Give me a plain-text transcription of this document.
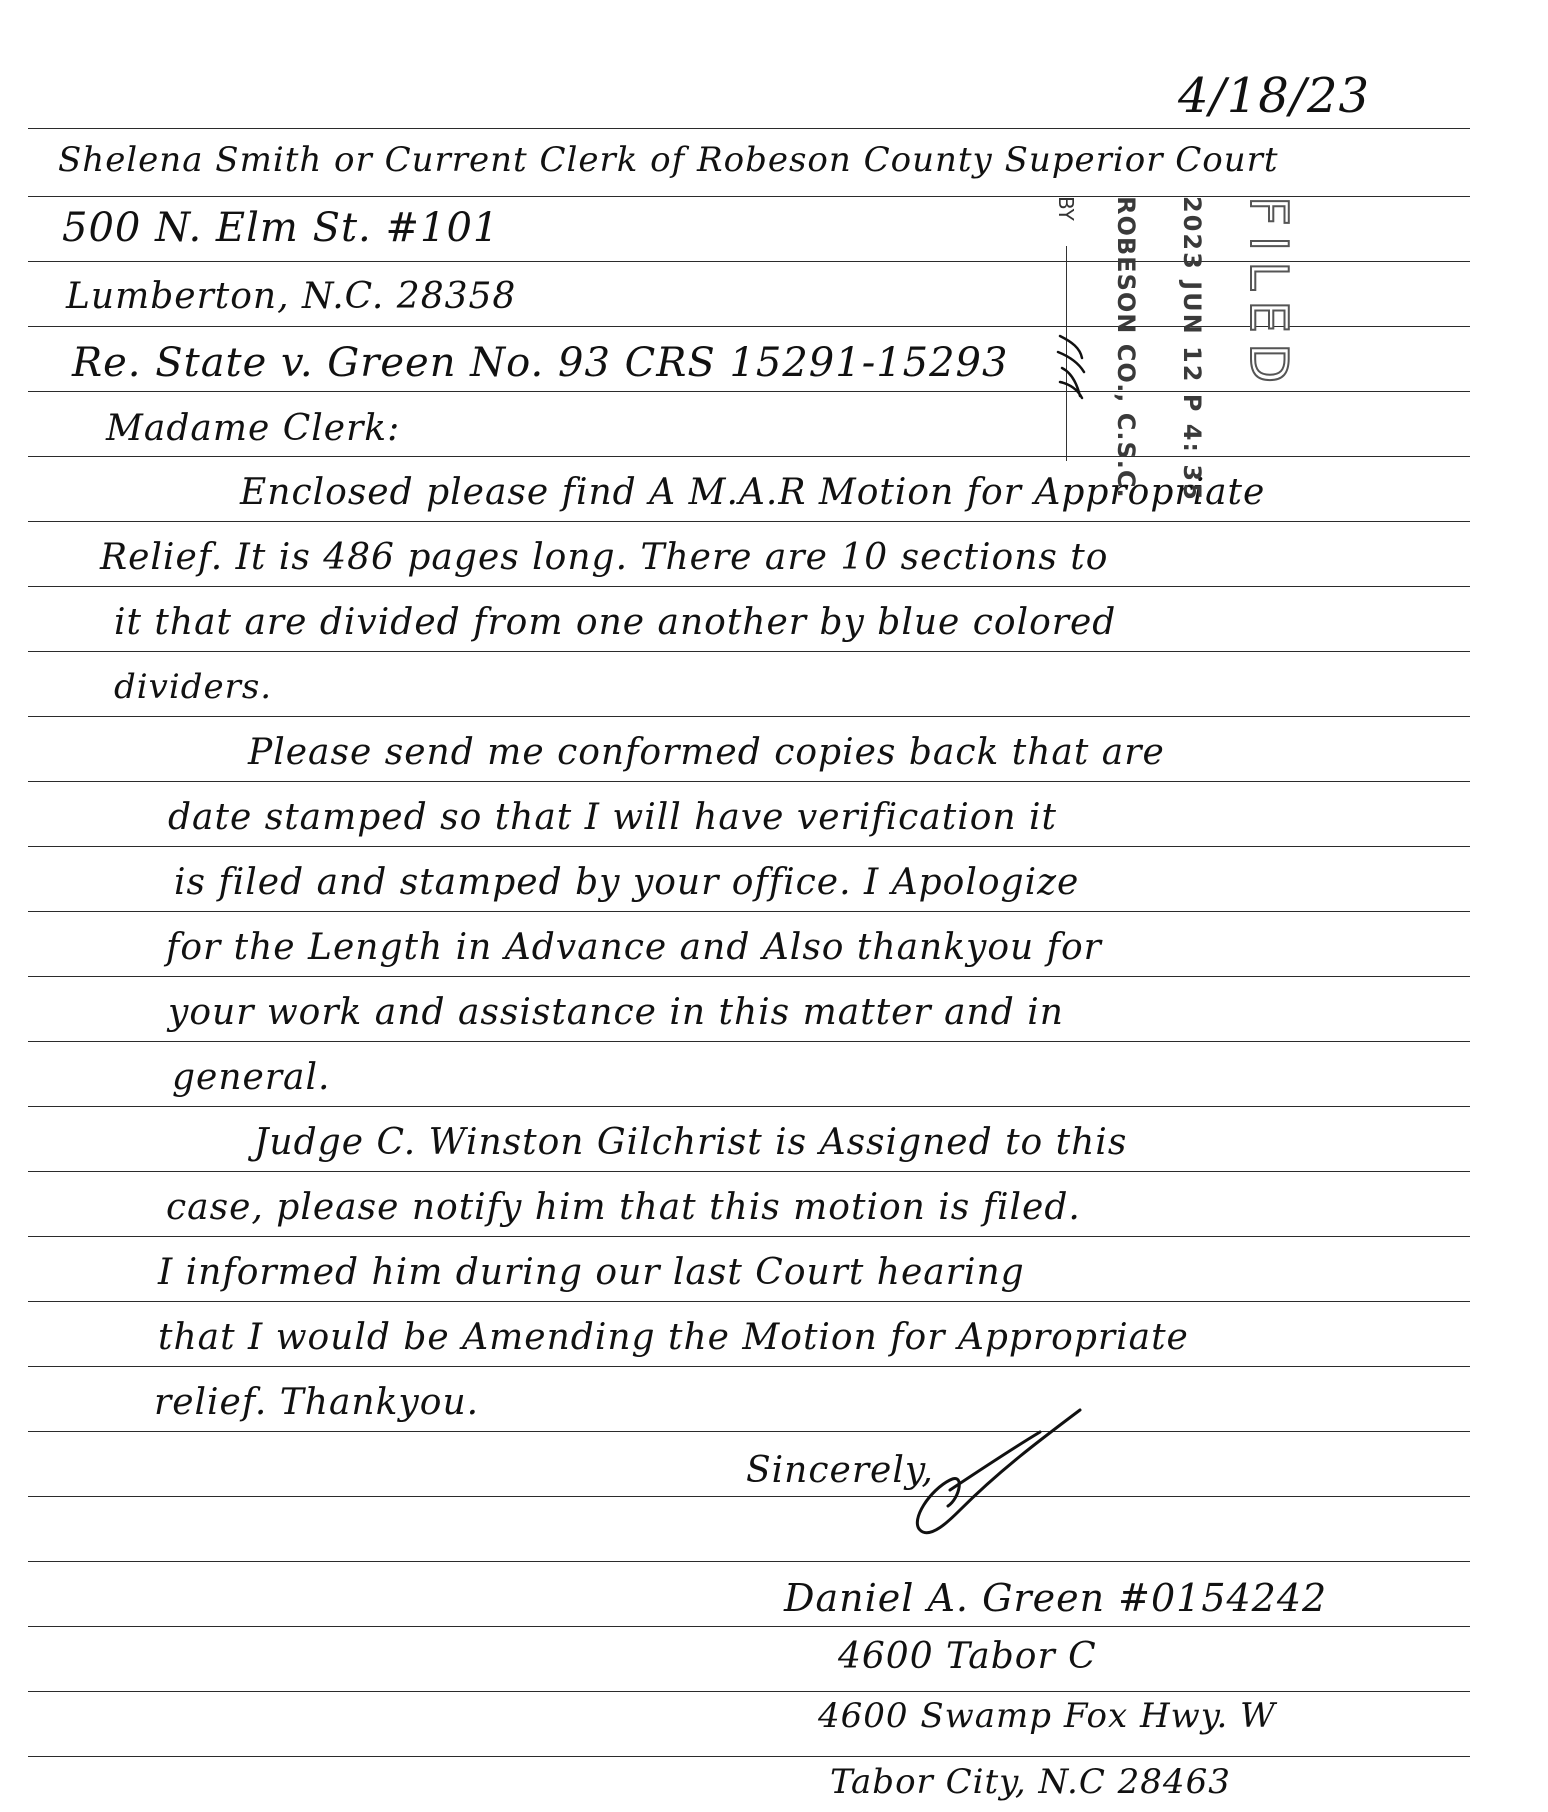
4/18/23
Shelena Smith or Current Clerk of Robeson County Superior Court
500 N. Elm St. #101
Lumberton, N.C. 28358
Re. State v. Green No. 93 CRS 15291-15293
Madame Clerk:
Enclosed please find A M.A.R Motion for Appropriate
Relief. It is 486 pages long. There are 10 sections to
it that are divided from one another by blue colored
dividers.
Please send me conformed copies back that are
date stamped so that I will have verification it
is filed and stamped by your office. I Apologize
for the Length in Advance and Also thankyou for
your work and assistance in this matter and in
general.
Judge C. Winston Gilchrist is Assigned to this
case, please notify him that this motion is filed.
I informed him during our last Court hearing
that I would be Amending the Motion for Appropriate
relief. Thankyou.
Sincerely,
Daniel A. Green #0154242
4600 Tabor C
4600 Swamp Fox Hwy. W
Tabor City, N.C 28463
FILED
2023 JUN 12 P 4: 35
ROBESON CO., C.S.C.
BY
